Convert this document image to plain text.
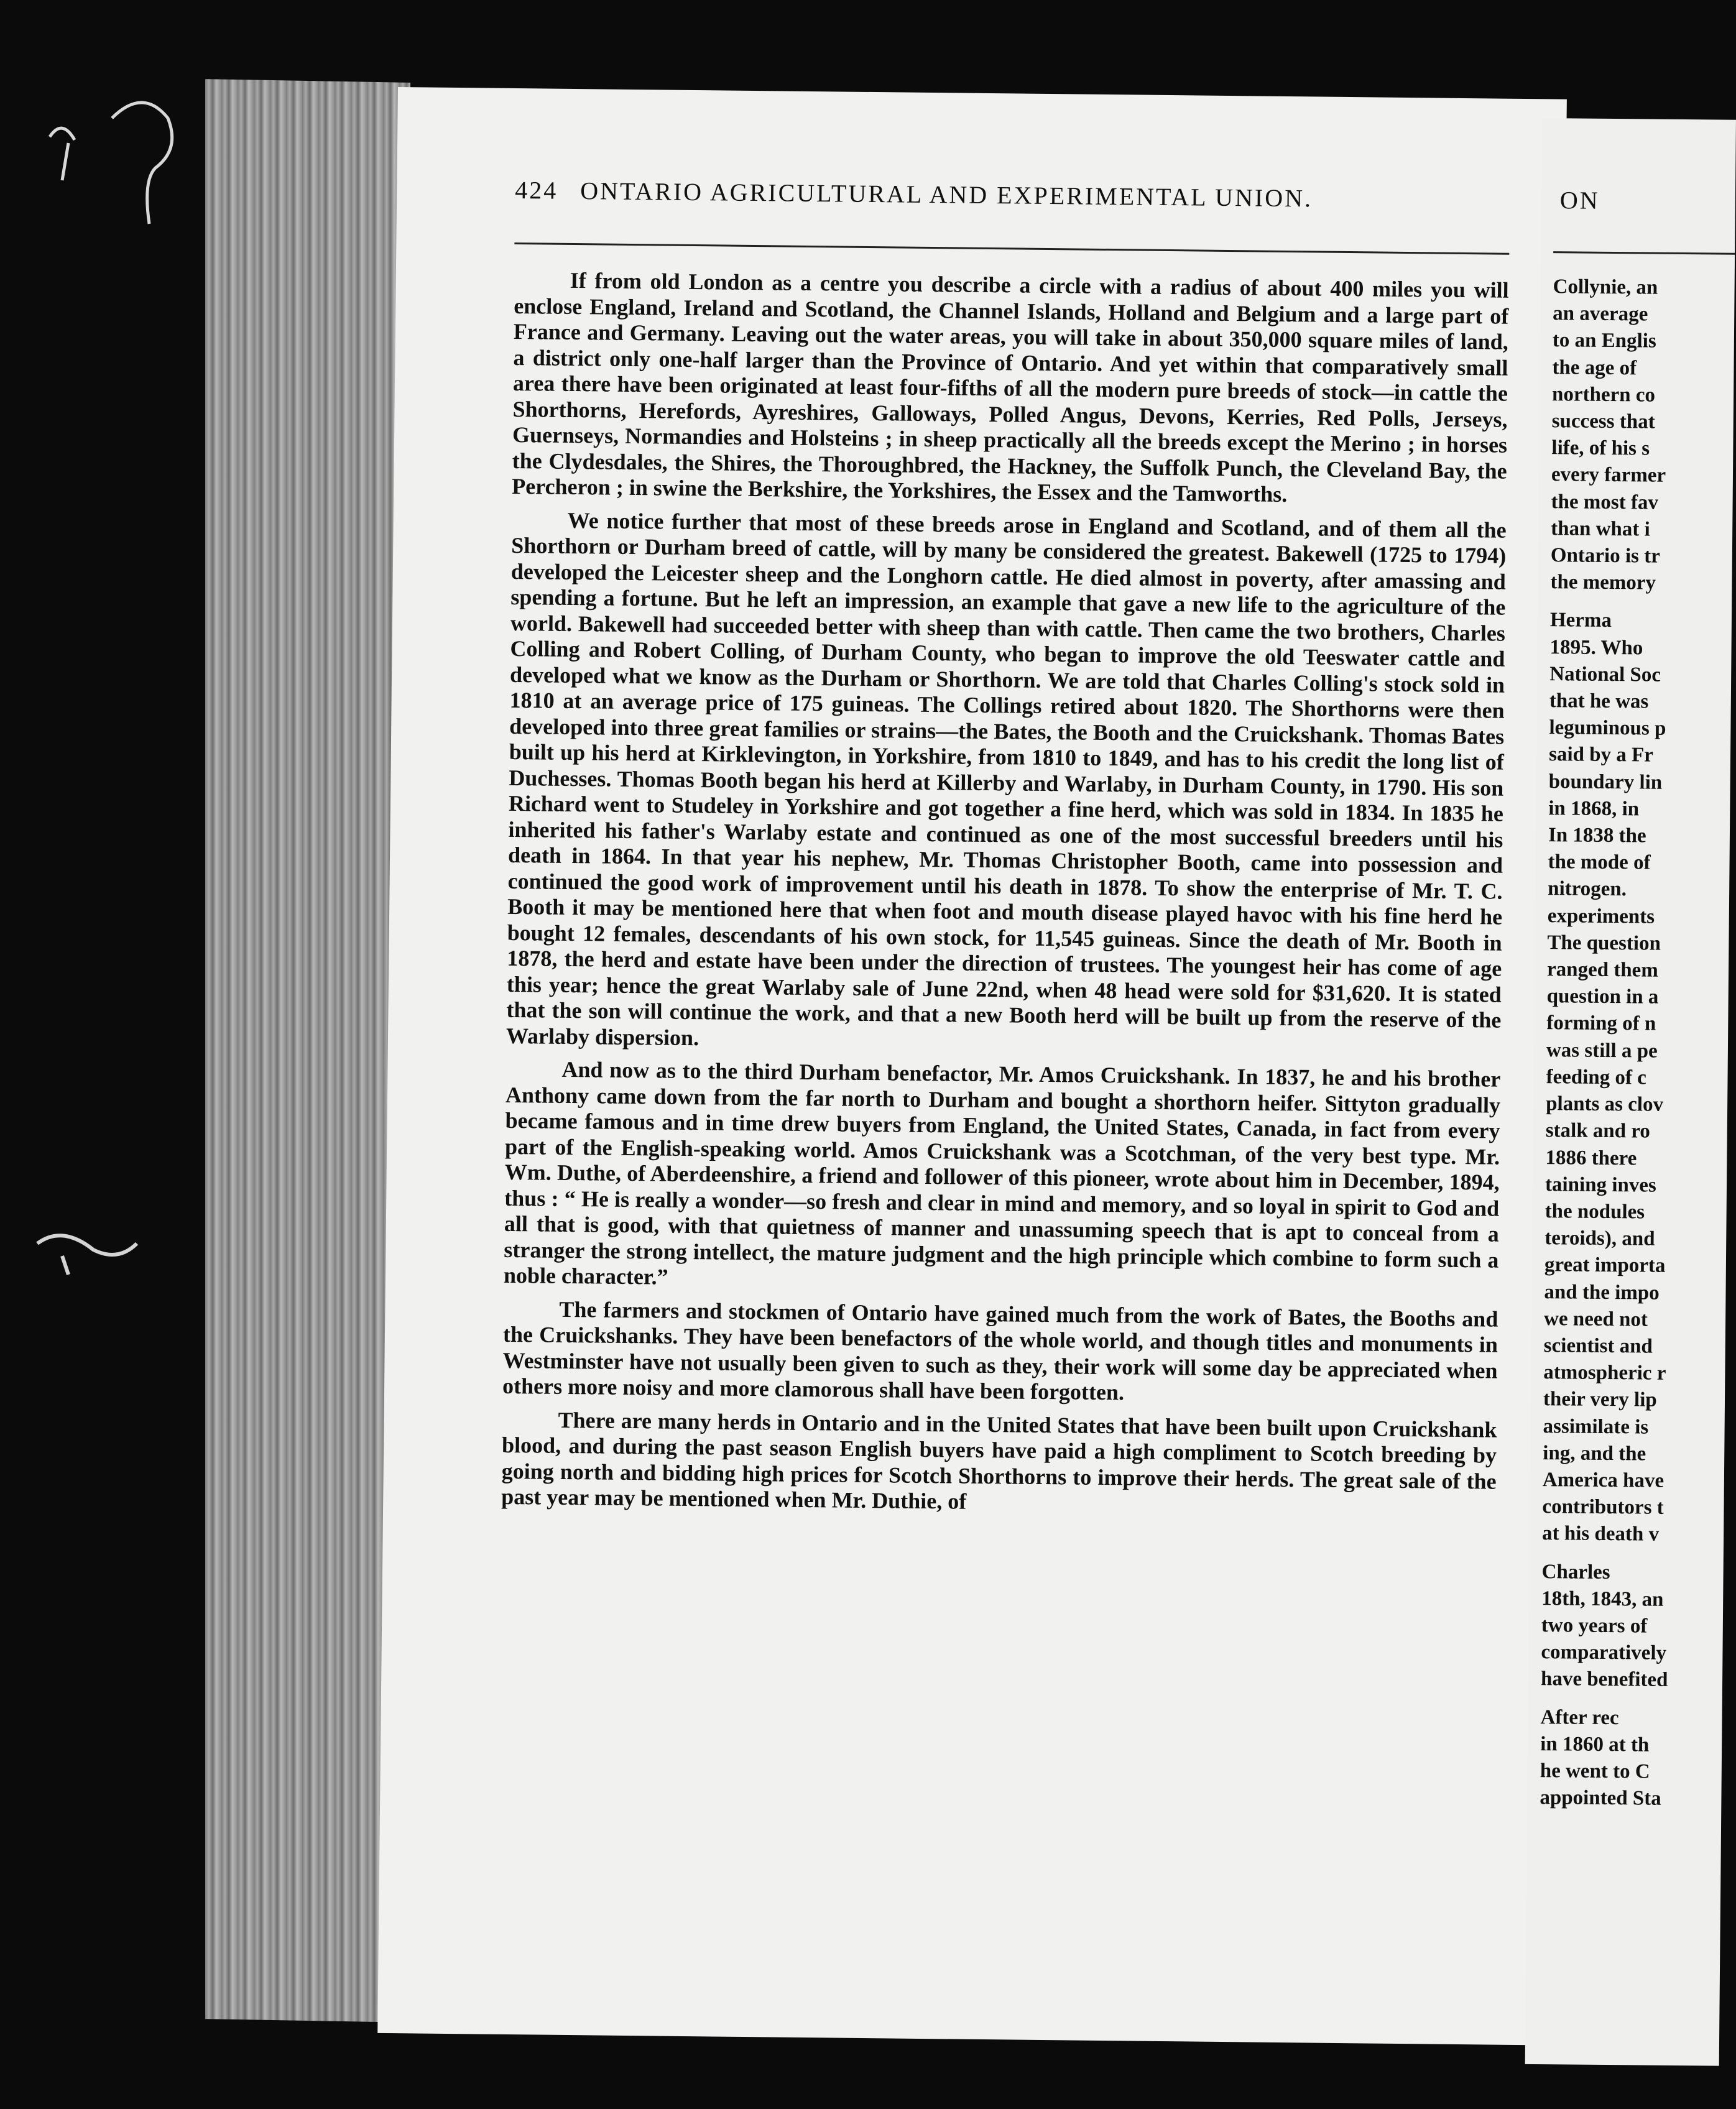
424 ONTARIO AGRICULTURAL AND EXPERIMENTAL UNION.

If from old London as a centre you describe a circle with a radius of about 400 miles you will enclose England, Ireland and Scotland, the Channel Islands, Holland and Belgium and a large part of France and Germany. Leaving out the water areas, you will take in about 350,000 square miles of land, a district only one-half larger than the Province of Ontario. And yet within that comparatively small area there have been originated at least four-fifths of all the modern pure breeds of stock—in cattle the Shorthorns, Herefords, Ayreshires, Galloways, Polled Angus, Devons, Kerries, Red Polls, Jerseys, Guernseys, Normandies and Holsteins ; in sheep practically all the breeds except the Merino ; in horses the Clydesdales, the Shires, the Thoroughbred, the Hackney, the Suffolk Punch, the Cleveland Bay, the Percheron ; in swine the Berkshire, the Yorkshires, the Essex and the Tamworths.

We notice further that most of these breeds arose in England and Scotland, and of them all the Shorthorn or Durham breed of cattle, will by many be considered the greatest. Bakewell (1725 to 1794) developed the Leicester sheep and the Longhorn cattle. He died almost in poverty, after amassing and spending a fortune. But he left an impression, an example that gave a new life to the agriculture of the world. Bakewell had succeeded better with sheep than with cattle. Then came the two brothers, Charles Colling and Robert Colling, of Durham County, who began to improve the old Teeswater cattle and developed what we know as the Durham or Shorthorn. We are told that Charles Colling's stock sold in 1810 at an average price of 175 guineas. The Collings retired about 1820. The Shorthorns were then developed into three great families or strains—the Bates, the Booth and the Cruickshank. Thomas Bates built up his herd at Kirklevington, in Yorkshire, from 1810 to 1849, and has to his credit the long list of Duchesses. Thomas Booth began his herd at Killerby and Warlaby, in Durham County, in 1790. His son Richard went to Studeley in Yorkshire and got together a fine herd, which was sold in 1834. In 1835 he inherited his father's Warlaby estate and continued as one of the most successful breeders until his death in 1864. In that year his nephew, Mr. Thomas Christopher Booth, came into possession and continued the good work of improvement until his death in 1878. To show the enterprise of Mr. T. C. Booth it may be mentioned here that when foot and mouth disease played havoc with his fine herd he bought 12 females, descendants of his own stock, for 11,545 guineas. Since the death of Mr. Booth in 1878, the herd and estate have been under the direction of trustees. The youngest heir has come of age this year; hence the great Warlaby sale of June 22nd, when 48 head were sold for $31,620. It is stated that the son will continue the work, and that a new Booth herd will be built up from the reserve of the Warlaby dispersion.

And now as to the third Durham benefactor, Mr. Amos Cruickshank. In 1837, he and his brother Anthony came down from the far north to Durham and bought a shorthorn heifer. Sittyton gradually became famous and in time drew buyers from England, the United States, Canada, in fact from every part of the English-speaking world. Amos Cruickshank was a Scotchman, of the very best type. Mr. Wm. Duthe, of Aberdeenshire, a friend and follower of this pioneer, wrote about him in December, 1894, thus : “ He is really a wonder—so fresh and clear in mind and memory, and so loyal in spirit to God and all that is good, with that quietness of manner and unassuming speech that is apt to conceal from a stranger the strong intellect, the mature judgment and the high principle which combine to form such a noble character.”

The farmers and stockmen of Ontario have gained much from the work of Bates, the Booths and the Cruickshanks. They have been benefactors of the whole world, and though titles and monuments in Westminster have not usually been given to such as they, their work will some day be appreciated when others more noisy and more clamorous shall have been forgotten.

There are many herds in Ontario and in the United States that have been built upon Cruickshank blood, and during the past season English buyers have paid a high compliment to Scotch breeding by going north and bidding high prices for Scotch Shorthorns to improve their herds. The great sale of the past year may be mentioned when Mr. Duthie, of

ON
Collynie, an
an average
to an Englis
the age of
northern co
success that
life, of his s
every farmer
the most fav
than what i
Ontario is tr
the memory
Herma
1895. Who
National Soc
that he was
leguminous p
said by a Fr
boundary lin
in 1868, in
In 1838 the
the mode of
nitrogen.
experiments
The question
ranged them
question in a
forming of n
was still a pe
feeding of c
plants as clov
stalk and ro
1886 there
taining inves
the nodules
teroids), and
great importa
and the impo
we need not
scientist and
atmospheric r
their very lip
assimilate is
ing, and the
America have
contributors t
at his death v
Charles
18th, 1843, an
two years of
comparatively
have benefited
After rec
in 1860 at th
he went to C
appointed Sta
